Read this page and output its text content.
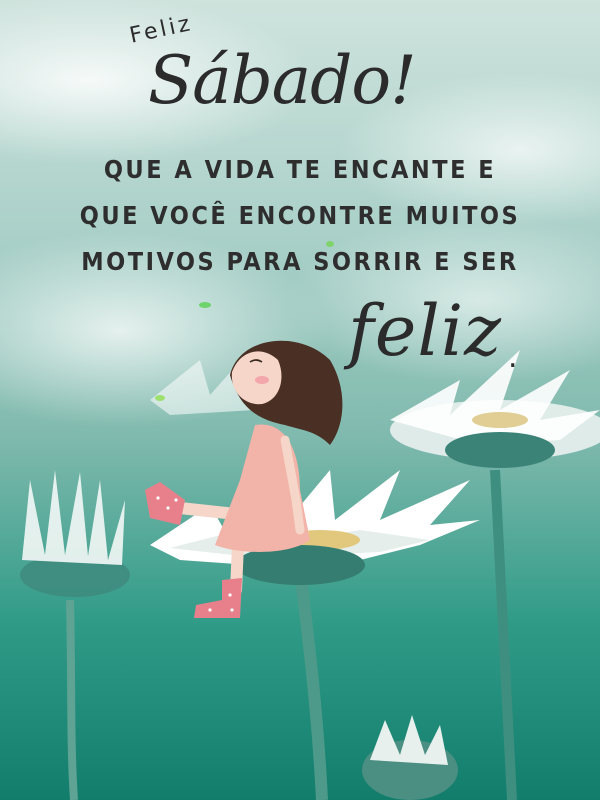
Feliz
Sábado!
QUE A VIDA TE ENCANTE E
QUE VOCÊ ENCONTRE MUITOS
MOTIVOS PARA SORRIR E SER
feliz .
